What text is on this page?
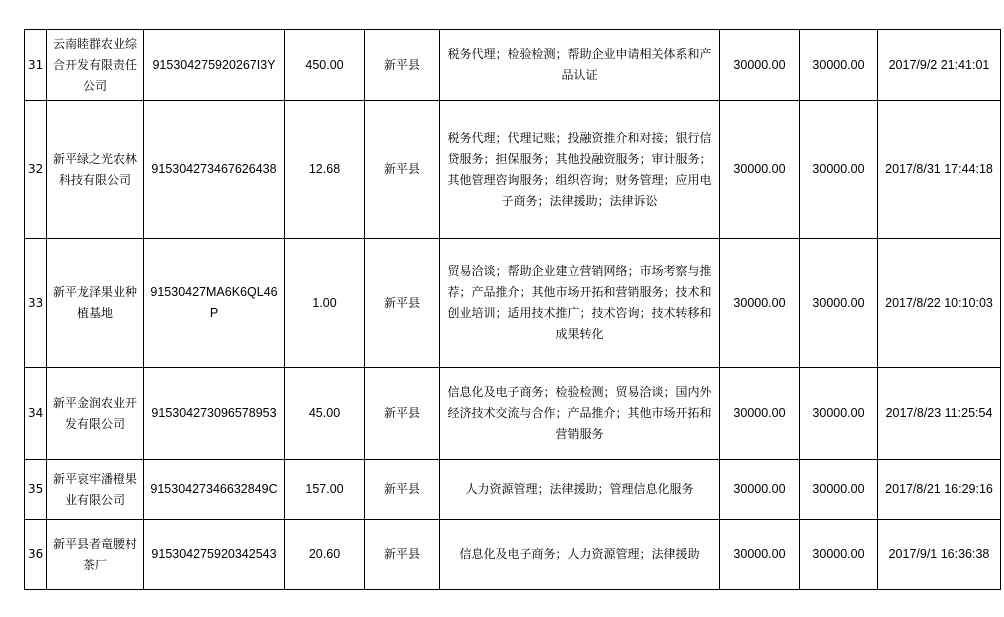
31	云南睦群农业综合开发有限责任公司	915304275920267I3Y	450.00	新平县	税务代理；检验检测；帮助企业申请相关体系和产品认证	30000.00	30000.00	2017/9/2 21:41:01
32	新平绿之光农林科技有限公司	915304273467626438	12.68	新平县	税务代理；代理记账；投融资推介和对接；银行信贷服务；担保服务；其他投融资服务；审计服务；其他管理咨询服务；组织咨询；财务管理；应用电子商务；法律援助；法律诉讼	30000.00	30000.00	2017/8/31 17:44:18
33	新平龙泽果业种植基地	91530427MA6K6QL46P	1.00	新平县	贸易洽谈；帮助企业建立营销网络；市场考察与推荐；产品推介；其他市场开拓和营销服务；技术和创业培训；适用技术推广；技术咨询；技术转移和成果转化	30000.00	30000.00	2017/8/22 10:10:03
34	新平金润农业开发有限公司	915304273096578953	45.00	新平县	信息化及电子商务；检验检测；贸易洽谈；国内外经济技术交流与合作；产品推介；其他市场开拓和营销服务	30000.00	30000.00	2017/8/23 11:25:54
35	新平哀牢潘橙果业有限公司	91530427346632849C	157.00	新平县	人力资源管理；法律援助；管理信息化服务	30000.00	30000.00	2017/8/21 16:29:16
36	新平县者竜腰村茶厂	915304275920342543	20.60	新平县	信息化及电子商务；人力资源管理；法律援助	30000.00	30000.00	2017/9/1 16:36:38
